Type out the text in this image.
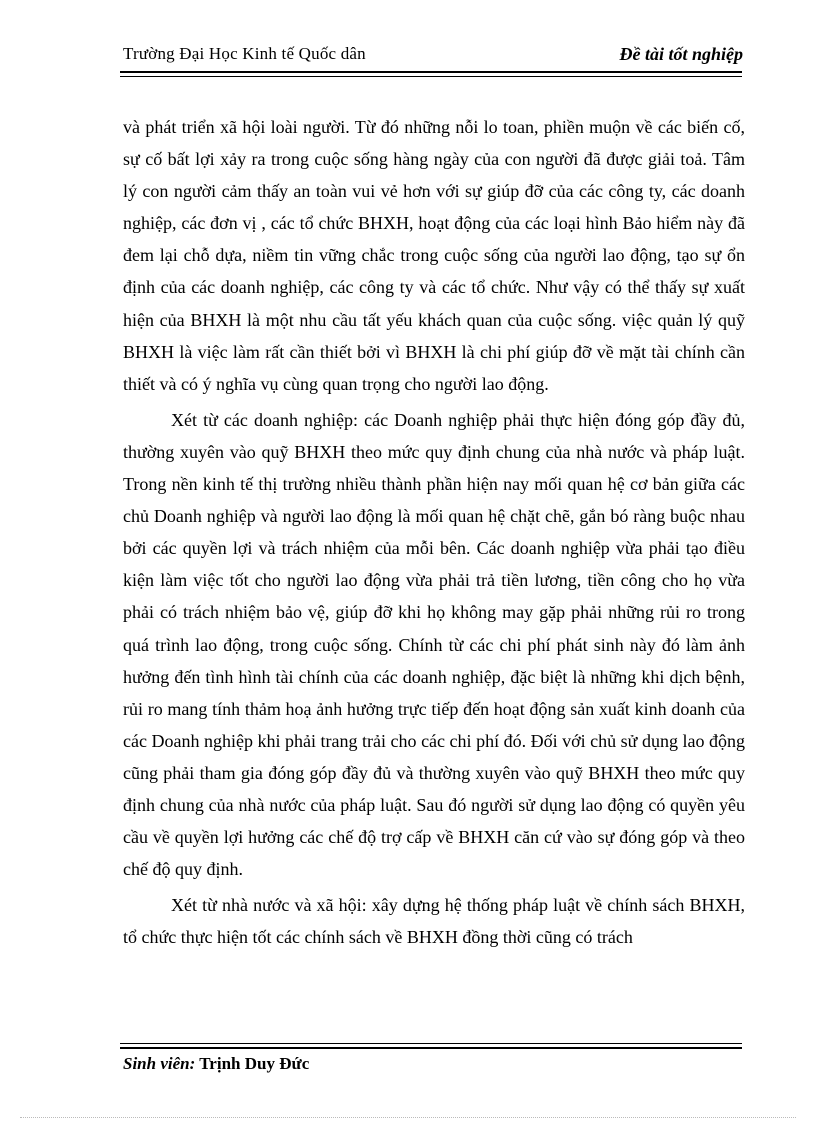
Trường Đại Học Kinh tế Quốc dân	Đề tài tốt nghiệp

và phát triển xã hội loài người. Từ đó những nỗi lo toan, phiền muộn về các biến cố, sự cố bất lợi xảy ra trong cuộc sống hàng ngày của con người đã được giải toả. Tâm lý con người cảm thấy an toàn vui vẻ hơn với sự giúp đỡ của các công ty, các doanh nghiệp, các đơn vị , các tổ chức BHXH, hoạt động của các loại hình Bảo hiểm này đã đem lại chỗ dựa, niềm tin vững chắc trong cuộc sống của người lao động, tạo sự ổn định của các doanh nghiệp, các công ty và các tổ chức. Như vậy có thể thấy sự xuất hiện của BHXH là một nhu cầu tất yếu khách quan của cuộc sống. việc quản lý quỹ BHXH là việc làm rất cần thiết bởi vì BHXH là chi phí giúp đỡ về mặt tài chính cần thiết và có ý nghĩa vụ cùng quan trọng cho người lao động.

Xét từ các doanh nghiệp: các Doanh nghiệp phải thực hiện đóng góp đầy đủ, thường xuyên vào quỹ BHXH theo mức quy định chung của nhà nước và pháp luật. Trong nền kinh tế thị trường nhiều thành phần hiện nay mối quan hệ cơ bản giữa các chủ Doanh nghiệp và người lao động là mối quan hệ chặt chẽ, gắn bó ràng buộc nhau bởi các quyền lợi và trách nhiệm của mỗi bên. Các doanh nghiệp vừa phải tạo điều kiện làm việc tốt cho người lao động vừa phải trả tiền lương, tiền công cho họ vừa phải có trách nhiệm bảo vệ, giúp đỡ khi họ không may gặp phải những rủi ro trong quá trình lao động, trong cuộc sống. Chính từ các chi phí phát sinh này đó làm ảnh hưởng đến tình hình tài chính của các doanh nghiệp, đặc biệt là những khi dịch bệnh, rủi ro mang tính thảm hoạ ảnh hưởng trực tiếp đến hoạt động sản xuất kinh doanh của các Doanh nghiệp khi phải trang trải cho các chi phí đó. Đối với chủ sử dụng lao động cũng phải tham gia đóng góp đầy đủ và thường xuyên vào quỹ BHXH theo mức quy định chung của nhà nước của pháp luật. Sau đó người sử dụng lao động có quyền yêu cầu về quyền lợi hưởng các chế độ trợ cấp về BHXH căn cứ vào sự đóng góp và theo chế độ quy định.

Xét từ nhà nước và xã hội: xây dựng hệ thống pháp luật về chính sách BHXH, tổ chức thực hiện tốt các chính sách về BHXH đồng thời cũng có trách

Sinh viên: Trịnh Duy Đức
